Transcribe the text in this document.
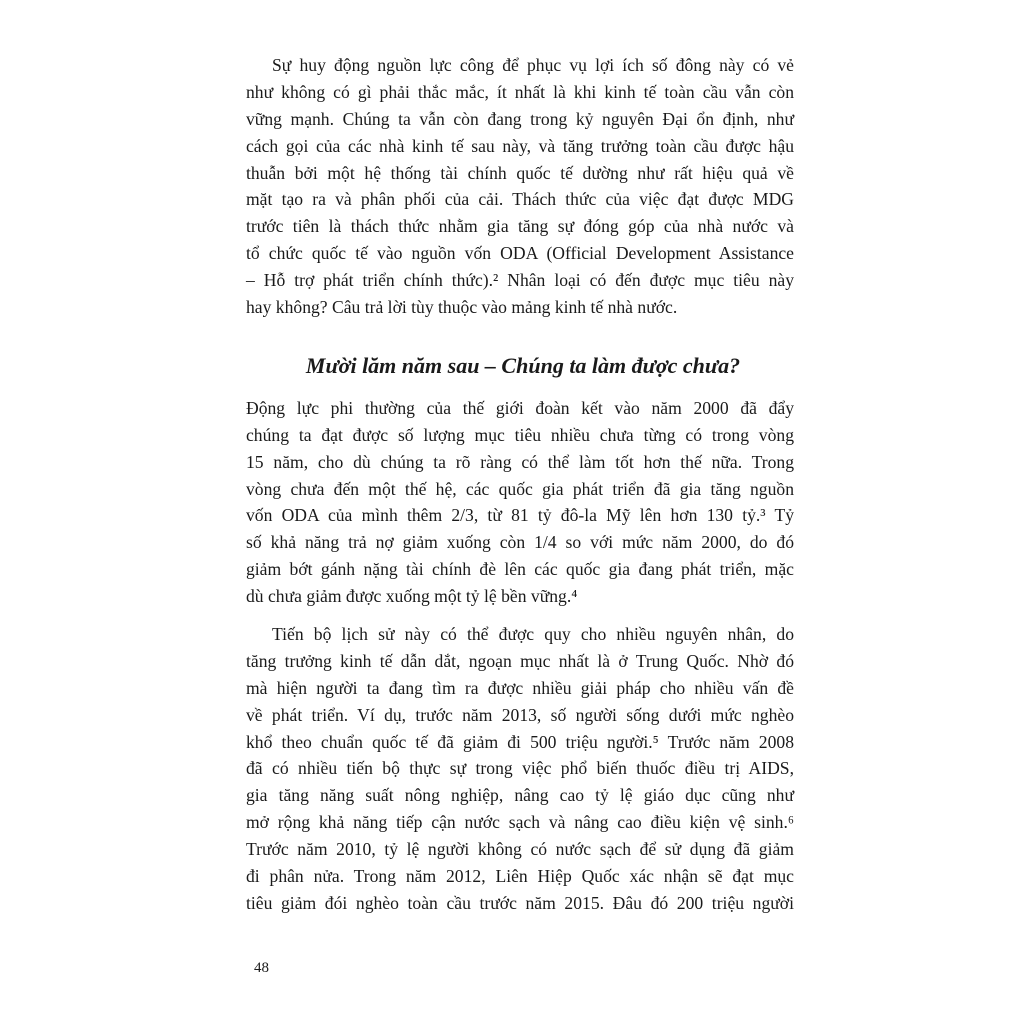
Sự huy động nguồn lực công để phục vụ lợi ích số đông này có vẻ
như không có gì phải thắc mắc, ít nhất là khi kinh tế toàn cầu vẫn còn
vững mạnh. Chúng ta vẫn còn đang trong kỷ nguyên Đại ổn định, như
cách gọi của các nhà kinh tế sau này, và tăng trưởng toàn cầu được hậu
thuẫn bởi một hệ thống tài chính quốc tế dường như rất hiệu quả về
mặt tạo ra và phân phối của cải. Thách thức của việc đạt được MDG
trước tiên là thách thức nhằm gia tăng sự đóng góp của nhà nước và
tổ chức quốc tế vào nguồn vốn ODA (Official Development Assistance
– Hỗ trợ phát triển chính thức).² Nhân loại có đến được mục tiêu này
hay không? Câu trả lời tùy thuộc vào mảng kinh tế nhà nước.
Mười lăm năm sau – Chúng ta làm được chưa?
Động lực phi thường của thế giới đoàn kết vào năm 2000 đã đẩy
chúng ta đạt được số lượng mục tiêu nhiều chưa từng có trong vòng
15 năm, cho dù chúng ta rõ ràng có thể làm tốt hơn thế nữa. Trong
vòng chưa đến một thế hệ, các quốc gia phát triển đã gia tăng nguồn
vốn ODA của mình thêm 2/3, từ 81 tỷ đô-la Mỹ lên hơn 130 tỷ.³ Tỷ
số khả năng trả nợ giảm xuống còn 1/4 so với mức năm 2000, do đó
giảm bớt gánh nặng tài chính đè lên các quốc gia đang phát triển, mặc
dù chưa giảm được xuống một tỷ lệ bền vững.⁴
Tiến bộ lịch sử này có thể được quy cho nhiều nguyên nhân, do
tăng trưởng kinh tế dẫn dắt, ngoạn mục nhất là ở Trung Quốc. Nhờ đó
mà hiện người ta đang tìm ra được nhiều giải pháp cho nhiều vấn đề
về phát triển. Ví dụ, trước năm 2013, số người sống dưới mức nghèo
khổ theo chuẩn quốc tế đã giảm đi 500 triệu người.⁵ Trước năm 2008
đã có nhiều tiến bộ thực sự trong việc phổ biến thuốc điều trị AIDS,
gia tăng năng suất nông nghiệp, nâng cao tỷ lệ giáo dục cũng như
mở rộng khả năng tiếp cận nước sạch và nâng cao điều kiện vệ sinh.⁶
Trước năm 2010, tỷ lệ người không có nước sạch để sử dụng đã giảm
đi phân nửa. Trong năm 2012, Liên Hiệp Quốc xác nhận sẽ đạt mục
tiêu giảm đói nghèo toàn cầu trước năm 2015. Đâu đó 200 triệu người
48
